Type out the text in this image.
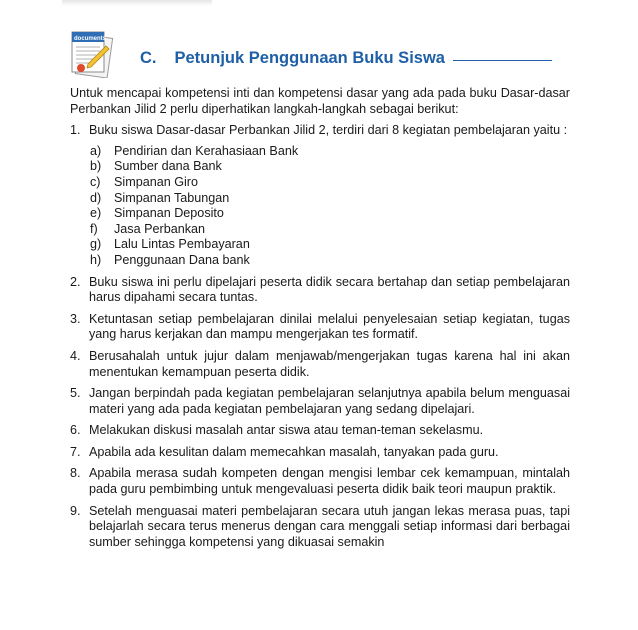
documents
C. Petunjuk Penggunaan Buku Siswa

Untuk mencapai kompetensi inti dan kompetensi dasar yang ada pada buku Dasar-dasar Perbankan Jilid 2 perlu diperhatikan langkah-langkah sebagai berikut:

1. Buku siswa Dasar-dasar Perbankan Jilid 2, terdiri dari 8 kegiatan pembelajaran yaitu :
a) Pendirian dan Kerahasiaan Bank
b) Sumber dana Bank
c) Simpanan Giro
d) Simpanan Tabungan
e) Simpanan Deposito
f) Jasa Perbankan
g) Lalu Lintas Pembayaran
h) Penggunaan Dana bank
2. Buku siswa ini perlu dipelajari peserta didik secara bertahap dan setiap pembelajaran harus dipahami secara tuntas.
3. Ketuntasan setiap pembelajaran dinilai melalui penyelesaian setiap kegiatan, tugas yang harus kerjakan dan mampu mengerjakan tes formatif.
4. Berusahalah untuk jujur dalam menjawab/mengerjakan tugas karena hal ini akan menentukan kemampuan peserta didik.
5. Jangan berpindah pada kegiatan pembelajaran selanjutnya apabila belum menguasai materi yang ada pada kegiatan pembelajaran yang sedang dipelajari.
6. Melakukan diskusi masalah antar siswa atau teman-teman sekelasmu.
7. Apabila ada kesulitan dalam memecahkan masalah, tanyakan pada guru.
8. Apabila merasa sudah kompeten dengan mengisi lembar cek kemampuan, mintalah pada guru pembimbing untuk mengevaluasi peserta didik baik teori maupun praktik.
9. Setelah menguasai materi pembelajaran secara utuh jangan lekas merasa puas, tapi belajarlah secara terus menerus dengan cara menggali setiap informasi dari berbagai sumber sehingga kompetensi yang dikuasai semakin
